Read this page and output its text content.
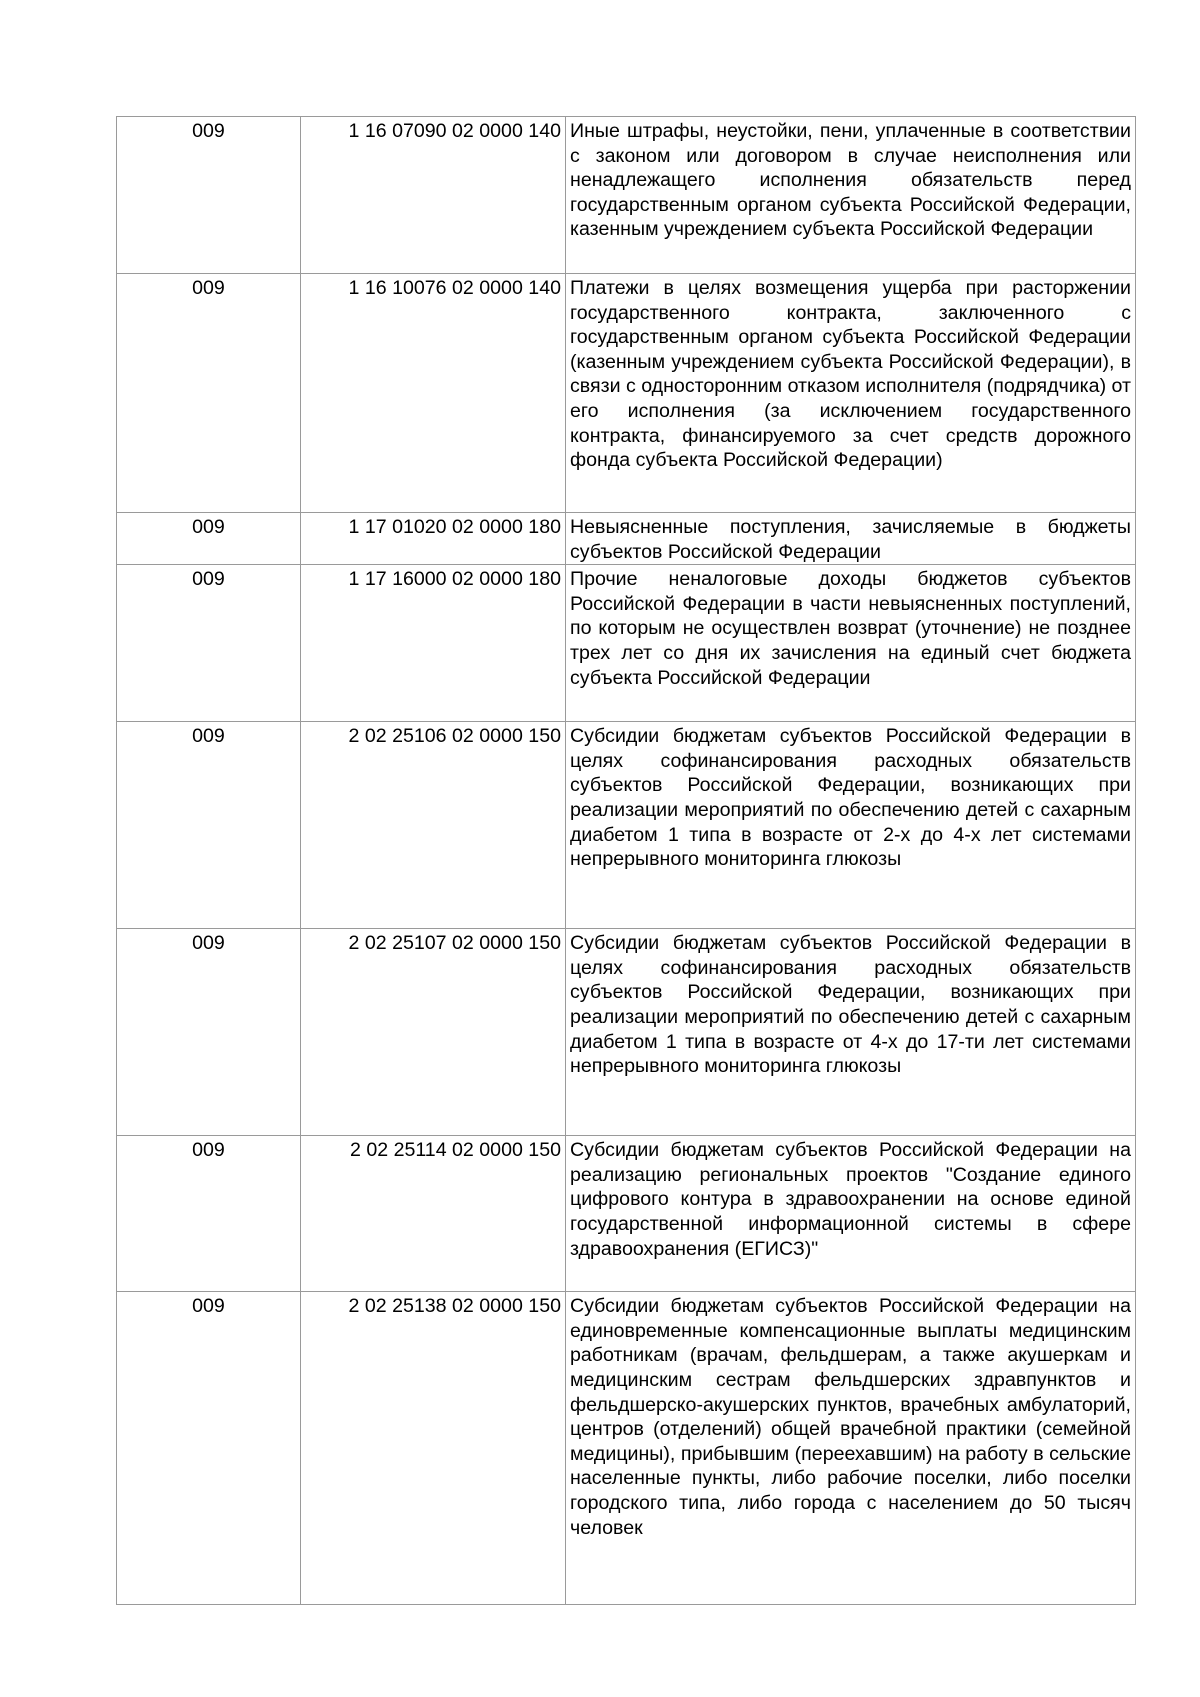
009	1 16 07090 02 0000 140	Иные штрафы, неустойки, пени, уплаченные в соответствии с законом или договором в случае неисполнения или ненадлежащего исполнения обязательств перед государственным органом субъекта Российской Федерации, казенным учреждением субъекта Российской Федерации
009	1 16 10076 02 0000 140	Платежи в целях возмещения ущерба при расторжении государственного контракта, заключенного с государственным органом субъекта Российской Федерации (казенным учреждением субъекта Российской Федерации), в связи с односторонним отказом исполнителя (подрядчика) от его исполнения (за исключением государственного контракта, финансируемого за счет средств дорожного фонда субъекта Российской Федерации)
009	1 17 01020 02 0000 180	Невыясненные поступления, зачисляемые в бюджеты субъектов Российской Федерации
009	1 17 16000 02 0000 180	Прочие неналоговые доходы бюджетов субъектов Российской Федерации в части невыясненных поступлений, по которым не осуществлен возврат (уточнение) не позднее трех лет со дня их зачисления на единый счет бюджета субъекта Российской Федерации
009	2 02 25106 02 0000 150	Субсидии бюджетам субъектов Российской Федерации в целях софинансирования расходных обязательств субъектов Российской Федерации, возникающих при реализации мероприятий по обеспечению детей с сахарным диабетом 1 типа в возрасте от 2-х до 4-х лет системами непрерывного мониторинга глюкозы
009	2 02 25107 02 0000 150	Субсидии бюджетам субъектов Российской Федерации в целях софинансирования расходных обязательств субъектов Российской Федерации, возникающих при реализации мероприятий по обеспечению детей с сахарным диабетом 1 типа в возрасте от 4-х до 17-ти лет системами непрерывного мониторинга глюкозы
009	2 02 25114 02 0000 150	Субсидии бюджетам субъектов Российской Федерации на реализацию региональных проектов "Создание единого цифрового контура в здравоохранении на основе единой государственной информационной системы в сфере здравоохранения (ЕГИСЗ)"
009	2 02 25138 02 0000 150	Субсидии бюджетам субъектов Российской Федерации на единовременные компенсационные выплаты медицинским работникам (врачам, фельдшерам, а также акушеркам и медицинским сестрам фельдшерских здравпунктов и фельдшерско-акушерских пунктов, врачебных амбулаторий, центров (отделений) общей врачебной практики (семейной медицины), прибывшим (переехавшим) на работу в сельские населенные пункты, либо рабочие поселки, либо поселки городского типа, либо города с населением до 50 тысяч человек
